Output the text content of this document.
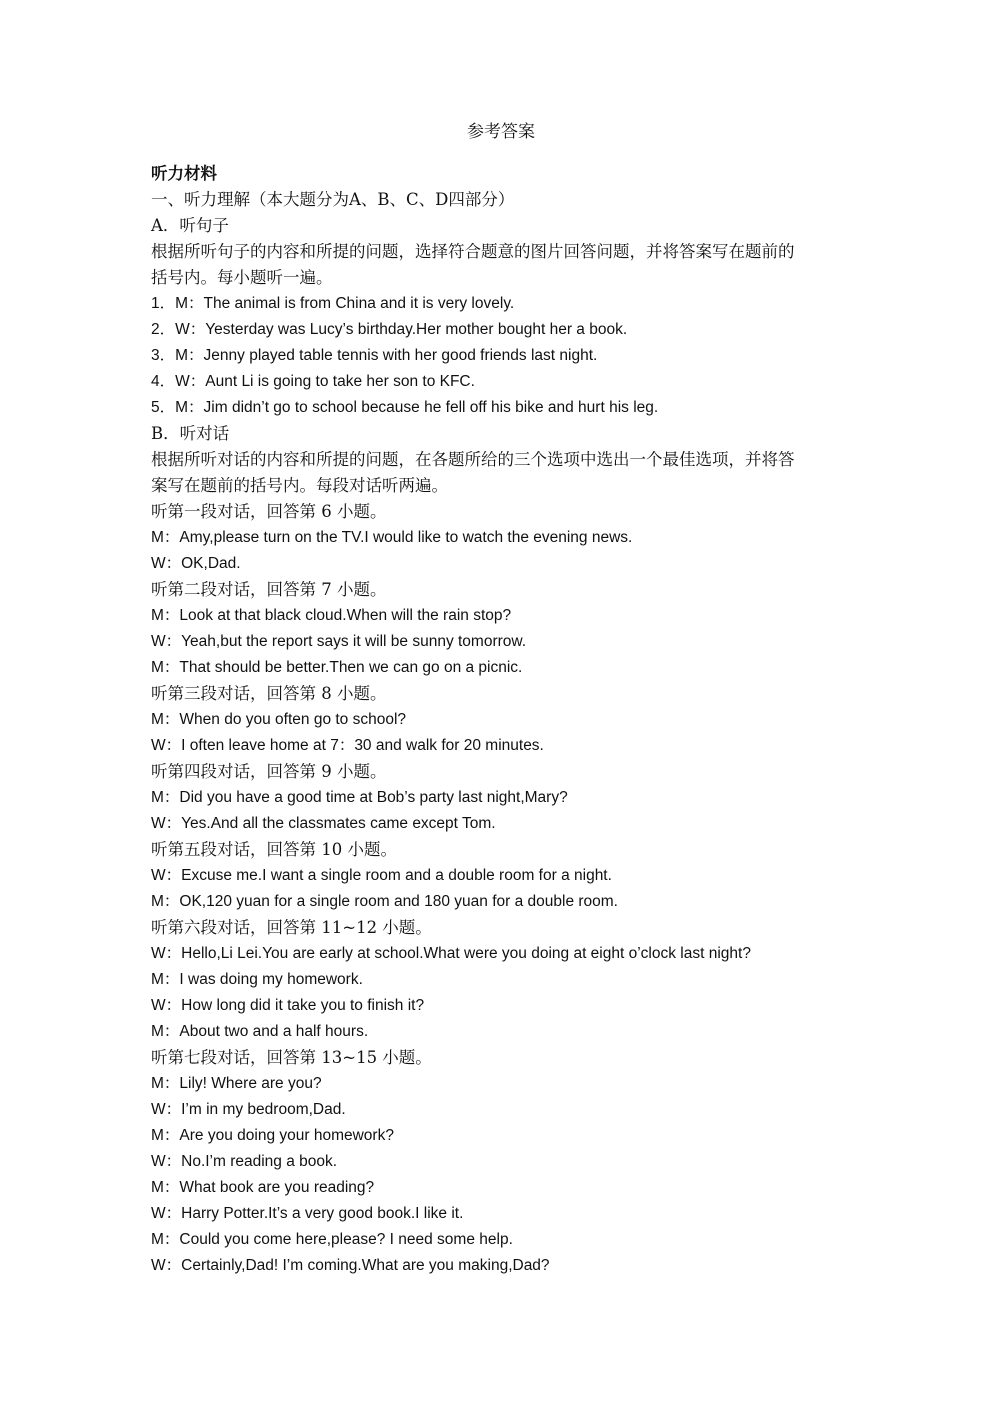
参考答案
听力材料
一、听力理解（本大题分为A、B、C、D四部分）
A．听句子
根据所听句子的内容和所提的问题，选择符合题意的图片回答问题，并将答案写在题前的
括号内。每小题听一遍。
1．M：The animal is from China and it is very lovely.
2．W：Yesterday was Lucy’s birthday.Her mother bought her a book.
3．M：Jenny played table tennis with her good friends last night.
4．W：Aunt Li is going to take her son to KFC.
5．M：Jim didn’t go to school because he fell off his bike and hurt his leg.
B．听对话
根据所听对话的内容和所提的问题，在各题所给的三个选项中选出一个最佳选项，并将答
案写在题前的括号内。每段对话听两遍。
听第一段对话，回答第 6 小题。
M：Amy,please turn on the TV.I would like to watch the evening news.
W：OK,Dad.
听第二段对话，回答第 7 小题。
M：Look at that black cloud.When will the rain stop?
W：Yeah,but the report says it will be sunny tomorrow.
M：That should be better.Then we can go on a picnic.
听第三段对话，回答第 8 小题。
M：When do you often go to school?
W：I often leave home at 7：30 and walk for 20 minutes.
听第四段对话，回答第 9 小题。
M：Did you have a good time at Bob’s party last night,Mary?
W：Yes.And all the classmates came except Tom.
听第五段对话，回答第 10 小题。
W：Excuse me.I want a single room and a double room for a night.
M：OK,120 yuan for a single room and 180 yuan for a double room.
听第六段对话，回答第 11~12 小题。
W：Hello,Li Lei.You are early at school.What were you doing at eight o’clock last night?
M：I was doing my homework.
W：How long did it take you to finish it?
M：About two and a half hours.
听第七段对话，回答第 13~15 小题。
M：Lily! Where are you?
W：I’m in my bedroom,Dad.
M：Are you doing your homework?
W：No.I’m reading a book.
M：What book are you reading?
W：Harry Potter.It’s a very good book.I like it.
M：Could you come here,please? I need some help.
W：Certainly,Dad! I’m coming.What are you making,Dad?
